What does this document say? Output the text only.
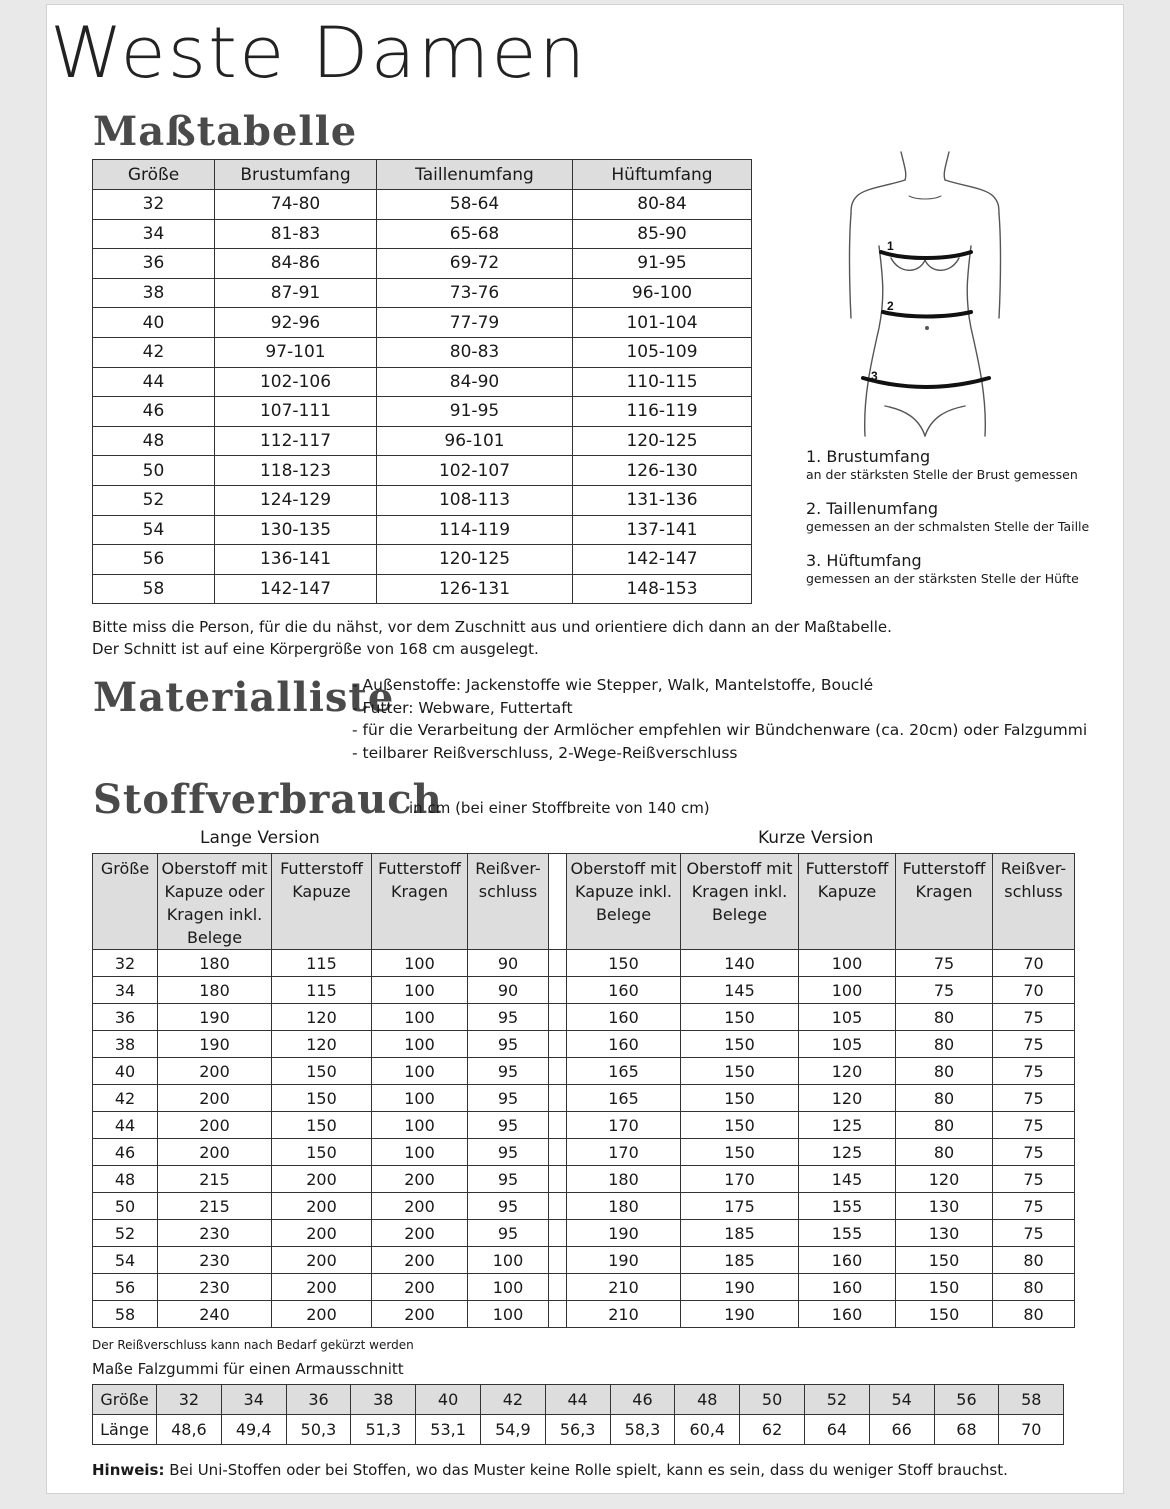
Weste Damen
Maßtabelle
Größe	Brustumfang	Taillenumfang	Hüftumfang
32	74-80	58-64	80-84
34	81-83	65-68	85-90
36	84-86	69-72	91-95
38	87-91	73-76	96-100
40	92-96	77-79	101-104
42	97-101	80-83	105-109
44	102-106	84-90	110-115
46	107-111	91-95	116-119
48	112-117	96-101	120-125
50	118-123	102-107	126-130
52	124-129	108-113	131-136
54	130-135	114-119	137-141
56	136-141	120-125	142-147
58	142-147	126-131	148-153
Bitte miss die Person, für die du nähst, vor dem Zuschnitt aus und orientiere dich dann an der Maßtabelle.
Der Schnitt ist auf eine Körpergröße von 168 cm ausgelegt.
1
2
3
1. Brustumfang
an der stärksten Stelle der Brust gemessen
2. Taillenumfang
gemessen an der schmalsten Stelle der Taille
3. Hüftumfang
gemessen an der stärksten Stelle der Hüfte
Materialliste
- Außenstoffe: Jackenstoffe wie Stepper, Walk, Mantelstoffe, Bouclé
- Futter: Webware, Futtertaft
- für die Verarbeitung der Armlöcher empfehlen wir Bündchenware (ca. 20cm) oder Falzgummi
- teilbarer Reißverschluss, 2-Wege-Reißverschluss
Stoffverbrauch
in cm (bei einer Stoffbreite von 140 cm)
Lange Version	Kurze Version
Größe	Oberstoff mit Kapuze oder Kragen inkl. Belege	Futterstoff Kapuze	Futterstoff Kragen	Reißver-schluss		Oberstoff mit Kapuze inkl. Belege	Oberstoff mit Kragen inkl. Belege	Futterstoff Kapuze	Futterstoff Kragen	Reißver-schluss
32	180	115	100	90		150	140	100	75	70
34	180	115	100	90		160	145	100	75	70
36	190	120	100	95		160	150	105	80	75
38	190	120	100	95		160	150	105	80	75
40	200	150	100	95		165	150	120	80	75
42	200	150	100	95		165	150	120	80	75
44	200	150	100	95		170	150	125	80	75
46	200	150	100	95		170	150	125	80	75
48	215	200	200	95		180	170	145	120	75
50	215	200	200	95		180	175	155	130	75
52	230	200	200	95		190	185	155	130	75
54	230	200	200	100		190	185	160	150	80
56	230	200	200	100		210	190	160	150	80
58	240	200	200	100		210	190	160	150	80
Der Reißverschluss kann nach Bedarf gekürzt werden
Maße Falzgummi für einen Armausschnitt
Größe	32	34	36	38	40	42	44	46	48	50	52	54	56	58
Länge	48,6	49,4	50,3	51,3	53,1	54,9	56,3	58,3	60,4	62	64	66	68	70
Hinweis: Bei Uni-Stoffen oder bei Stoffen, wo das Muster keine Rolle spielt, kann es sein, dass du weniger Stoff brauchst.
